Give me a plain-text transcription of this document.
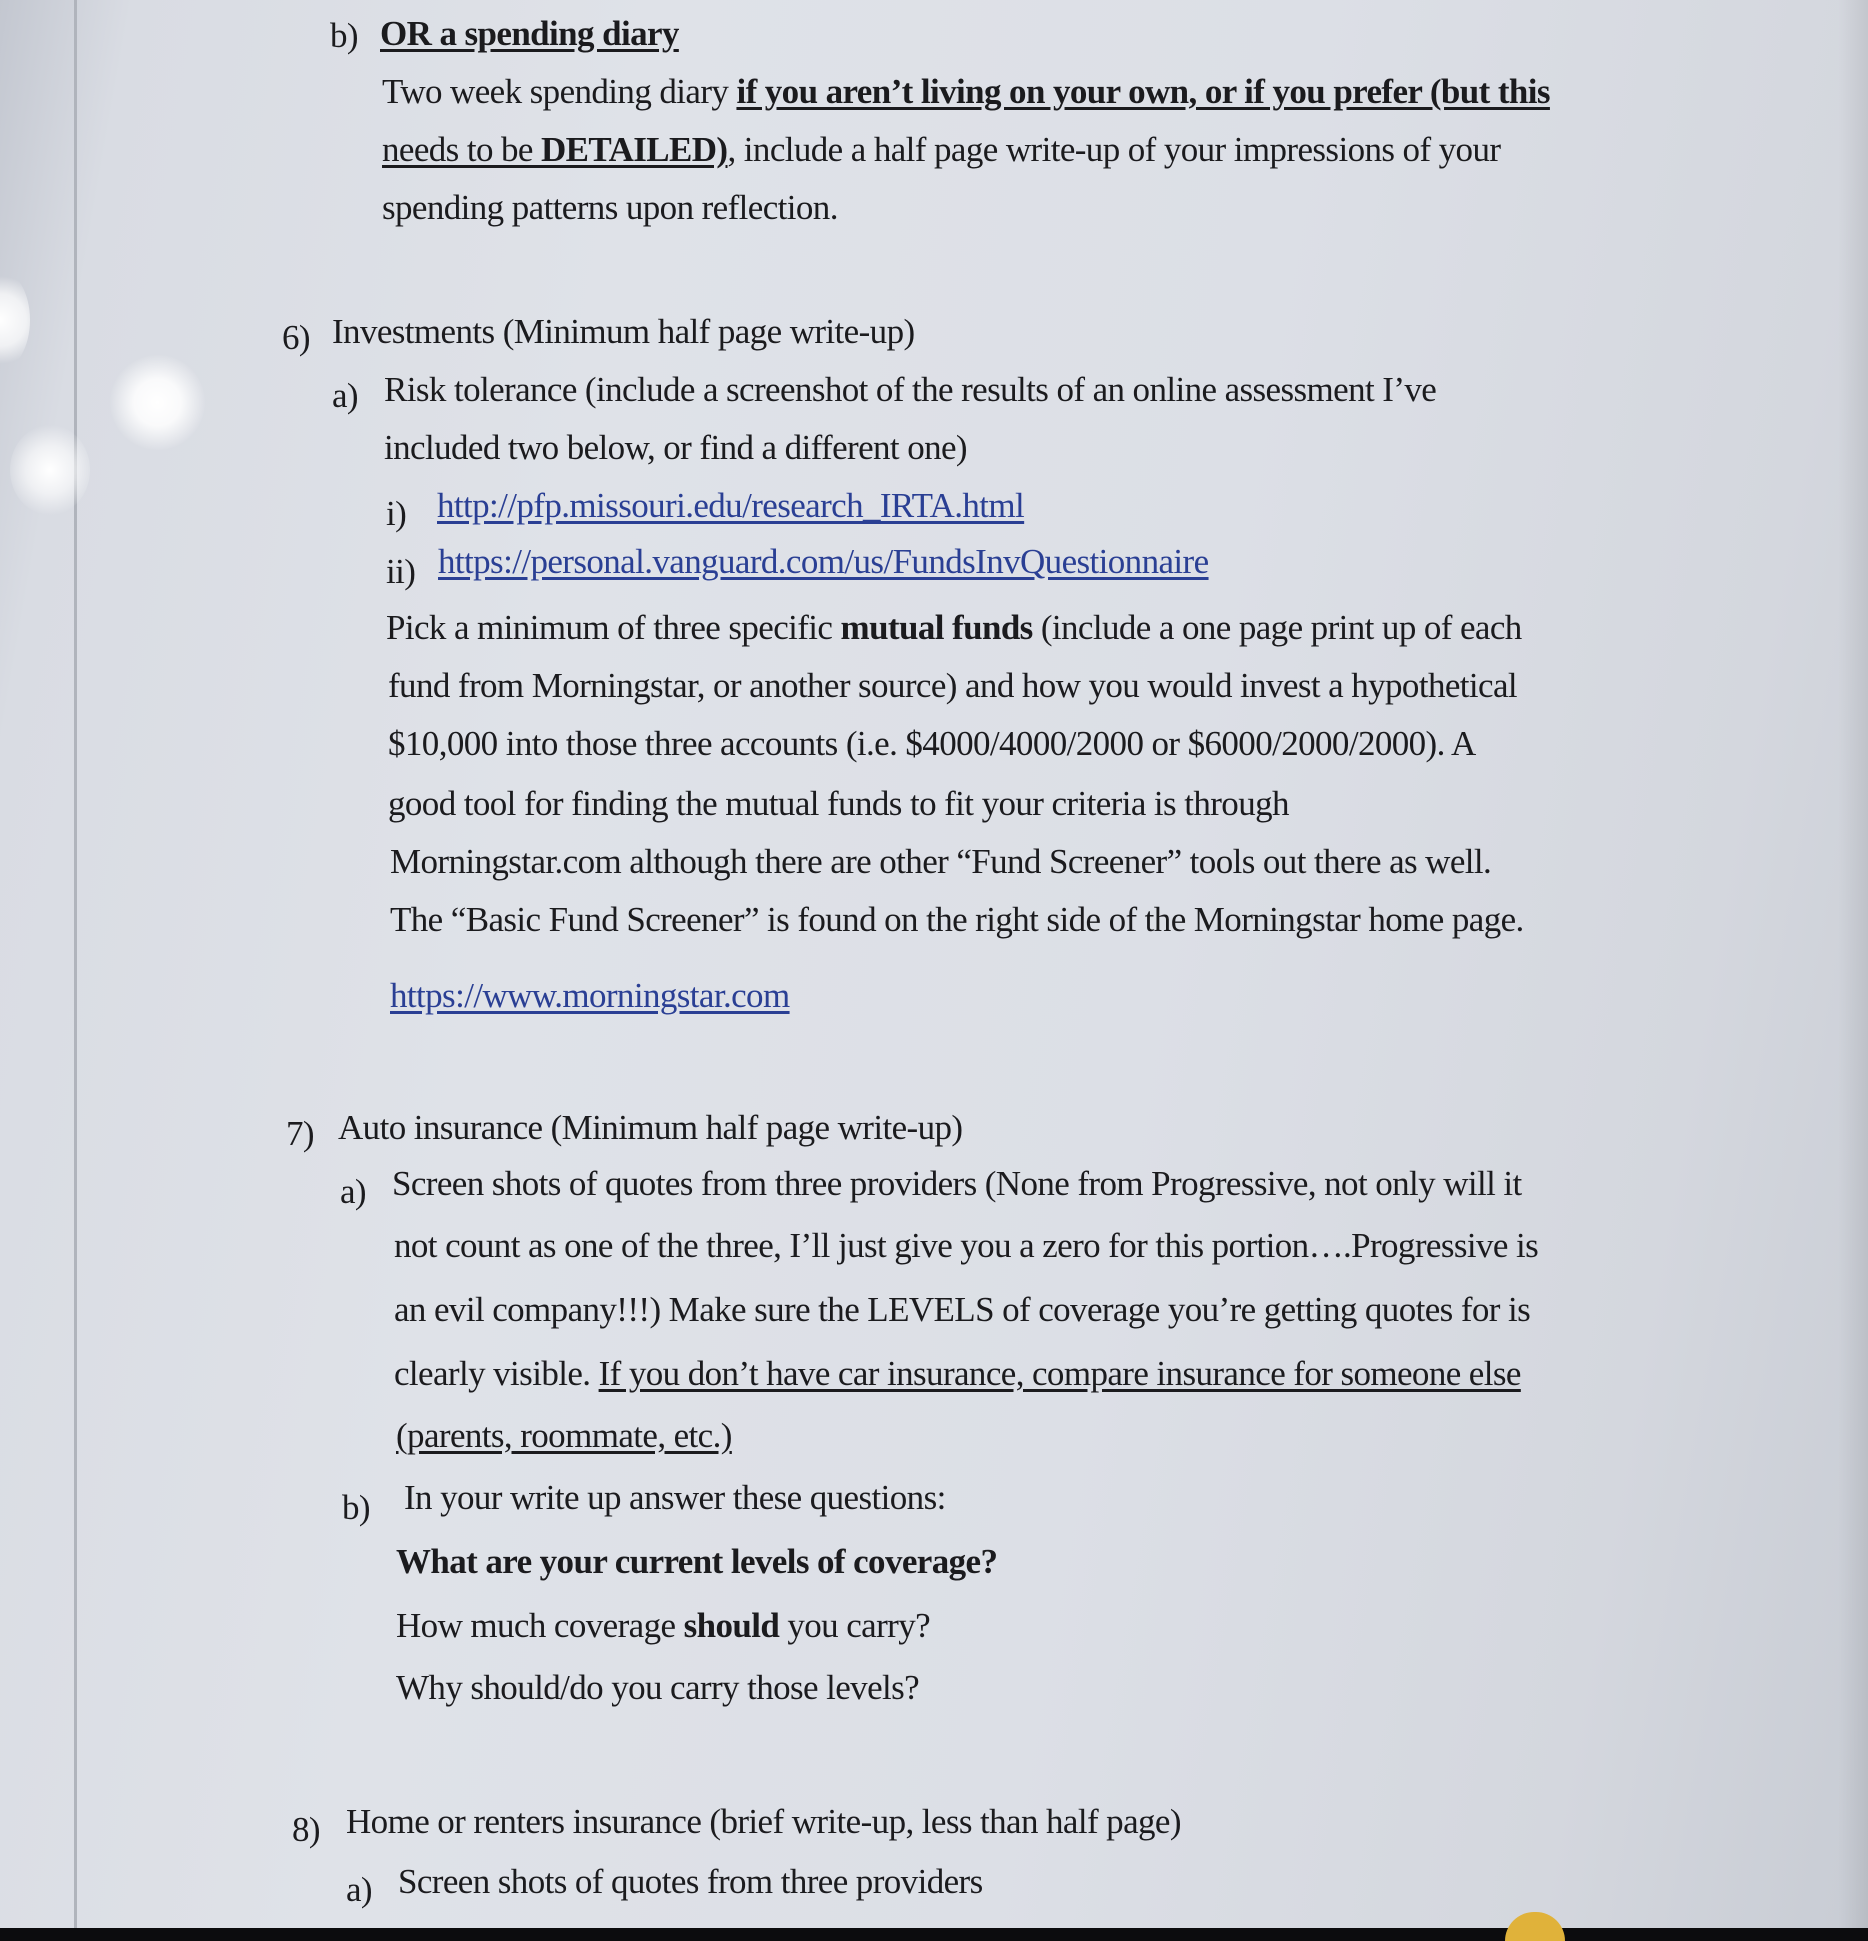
b) OR a spending diary
Two week spending diary if you aren’t living on your own, or if you prefer (but this
needs to be DETAILED), include a half page write-up of your impressions of your
spending patterns upon reflection.
6) Investments (Minimum half page write-up)
a) Risk tolerance (include a screenshot of the results of an online assessment I’ve
included two below, or find a different one)
i) http://pfp.missouri.edu/research_IRTA.html
ii) https://personal.vanguard.com/us/FundsInvQuestionnaire
Pick a minimum of three specific mutual funds (include a one page print up of each
fund from Morningstar, or another source) and how you would invest a hypothetical
$10,000 into those three accounts (i.e. $4000/4000/2000 or $6000/2000/2000). A
good tool for finding the mutual funds to fit your criteria is through
Morningstar.com although there are other “Fund Screener” tools out there as well.
The “Basic Fund Screener” is found on the right side of the Morningstar home page.
https://www.morningstar.com
7) Auto insurance (Minimum half page write-up)
a) Screen shots of quotes from three providers (None from Progressive, not only will it
not count as one of the three, I’ll just give you a zero for this portion….Progressive is
an evil company!!!) Make sure the LEVELS of coverage you’re getting quotes for is
clearly visible. If you don’t have car insurance, compare insurance for someone else
(parents, roommate, etc.)
b) In your write up answer these questions:
What are your current levels of coverage?
How much coverage should you carry?
Why should/do you carry those levels?
8) Home or renters insurance (brief write-up, less than half page)
a) Screen shots of quotes from three providers
